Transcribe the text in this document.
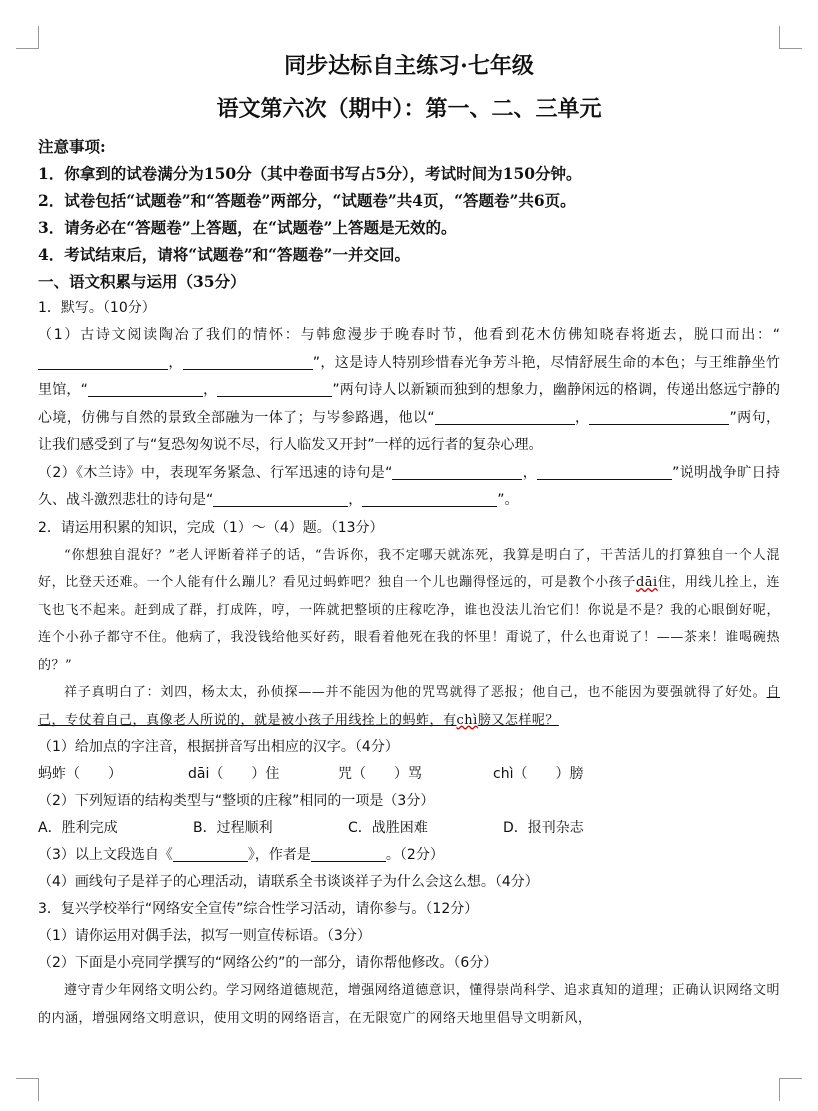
同步达标自主练习·七年级
语文第六次（期中）：第一、二、三单元
注意事项:
1．你拿到的试卷满分为150分（其中卷面书写占5分），考试时间为150分钟。
2．试卷包括“试题卷”和“答题卷”两部分，“试题卷”共4页，“答题卷”共6页。
3．请务必在“答题卷”上答题，在“试题卷”上答题是无效的。
4．考试结束后，请将“试题卷”和“答题卷”一并交回。
一、语文积累与运用（35分）
1．默写。（10分）
（1）古诗文阅读陶冶了我们的情怀：与韩愈漫步于晚春时节，他看到花木仿佛知晓春将逝去，脱口而出：“，	”，这是诗人特别珍惜春光争芳斗艳，尽情舒展生命的本色；与王维静坐竹里馆，“	，	”两句诗人以新颖而独到的想象力，幽静闲远的格调，传递出悠远宁静的心境，仿佛与自然的景致全部融为一体了；与岑参路遇，他以“	，	”两句，让我们感受到了与“复恐匆匆说不尽，行人临发又开封”一样的远行者的复杂心理。
（2）《木兰诗》中，表现军务紧急、行军迅速的诗句是“	，	”说明战争旷日持久、战斗激烈悲壮的诗句是“	，	”。
2．请运用积累的知识，完成（1）～（4）题。（13分）
“你想独自混好？”老人评断着祥子的话，“告诉你，我不定哪天就冻死，我算是明白了，干苦活儿的打算独自一个人混好，比登天还难。一个人能有什么蹦儿？看见过蚂蚱吧？独自一个儿也蹦得怪远的，可是教个小孩子dāi住，用线儿拴上，连飞也飞不起来。赶到成了群，打成阵，哼，一阵就把整顷的庄稼吃净，谁也没法儿治它们！你说是不是？我的心眼倒好呢，连个小孙子都守不住。他病了，我没钱给他买好药，眼看着他死在我的怀里！甭说了，什么也甭说了！——茶来！谁喝碗热的？”
祥子真明白了：刘四，杨太太，孙侦探——并不能因为他的咒骂就得了恶报；他自己，也不能因为要强就得了好处。自己，专仗着自己，真像老人所说的，就是被小孩子用线拴上的蚂蚱，有chì膀又怎样呢？
（1）给加点的字注音，根据拼音写出相应的汉字。（4分）
蚂蚱（　　）	dāi（　　）住	咒（　　）骂	chì（　　）膀
（2）下列短语的结构类型与“整顷的庄稼”相同的一项是（3分）
A．胜利完成	B．过程顺利	C．战胜困难	D．报刊杂志
（3）以上文段选自《	》，作者是	。（2分）
（4）画线句子是祥子的心理活动，请联系全书谈谈祥子为什么会这么想。（4分）
3．复兴学校举行“网络安全宣传”综合性学习活动，请你参与。（12分）
（1）请你运用对偶手法，拟写一则宣传标语。（3分）
（2）下面是小亮同学撰写的“网络公约”的一部分，请你帮他修改。（6分）
遵守青少年网络文明公约。学习网络道德规范，增强网络道德意识，懂得崇尚科学、追求真知的道理；正确认识网络文明的内涵，增强网络文明意识，使用文明的网络语言，在无限宽广的网络天地里倡导文明新风，
